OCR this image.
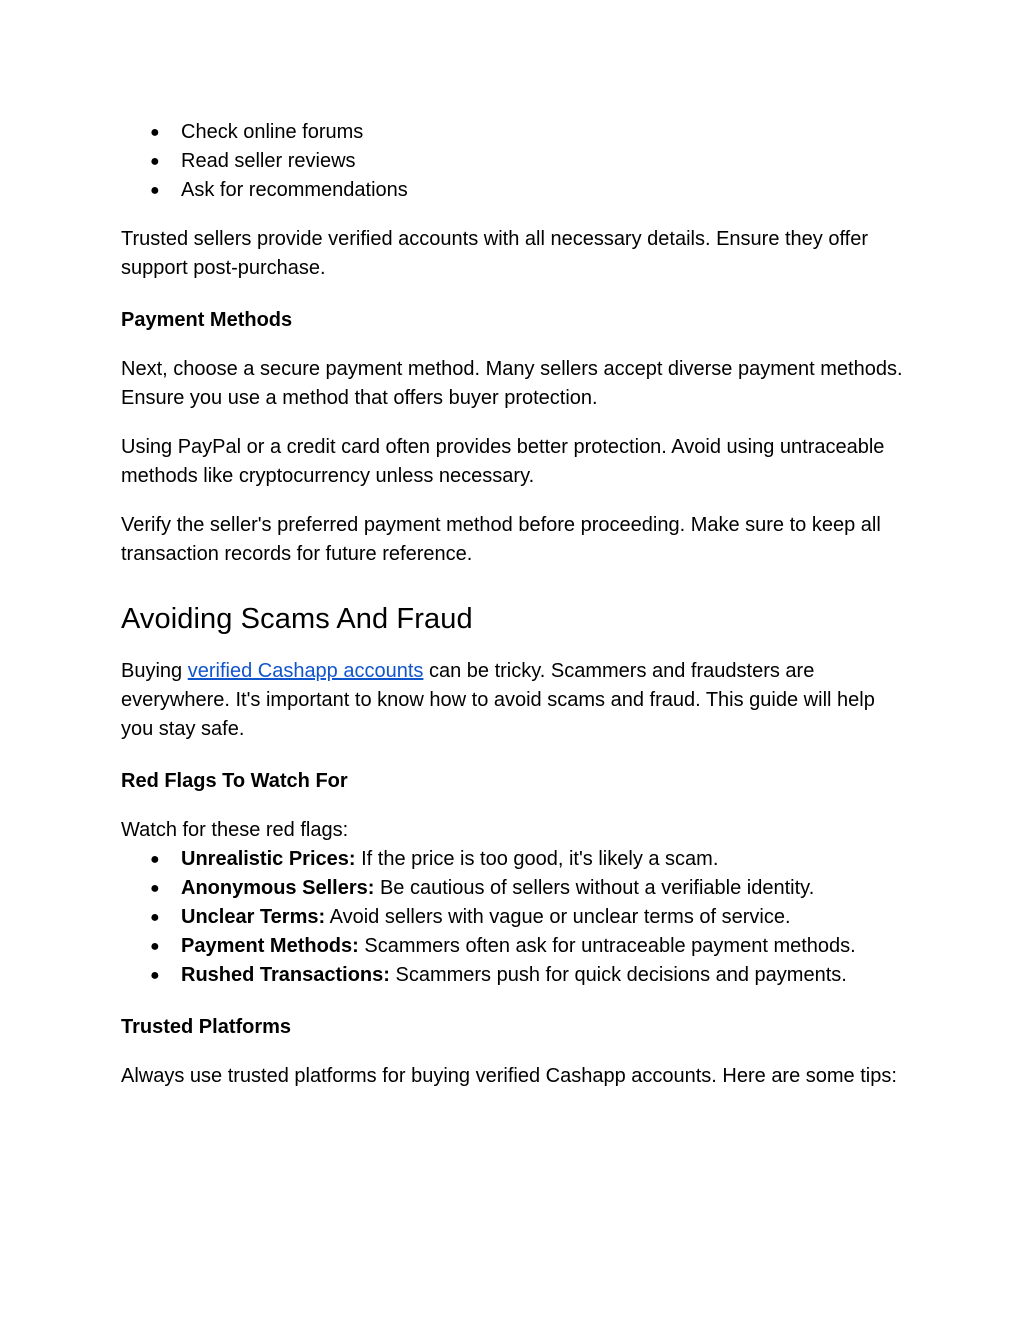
● Check online forums
● Read seller reviews
● Ask for recommendations

Trusted sellers provide verified accounts with all necessary details. Ensure they offer support post-purchase.

Payment Methods

Next, choose a secure payment method. Many sellers accept diverse payment methods. Ensure you use a method that offers buyer protection.

Using PayPal or a credit card often provides better protection. Avoid using untraceable methods like cryptocurrency unless necessary.

Verify the seller's preferred payment method before proceeding. Make sure to keep all transaction records for future reference.

Avoiding Scams And Fraud

Buying verified Cashapp accounts can be tricky. Scammers and fraudsters are everywhere. It's important to know how to avoid scams and fraud. This guide will help you stay safe.

Red Flags To Watch For

Watch for these red flags:

● Unrealistic Prices: If the price is too good, it's likely a scam.
● Anonymous Sellers: Be cautious of sellers without a verifiable identity.
● Unclear Terms: Avoid sellers with vague or unclear terms of service.
● Payment Methods: Scammers often ask for untraceable payment methods.
● Rushed Transactions: Scammers push for quick decisions and payments.

Trusted Platforms

Always use trusted platforms for buying verified Cashapp accounts. Here are some tips:
